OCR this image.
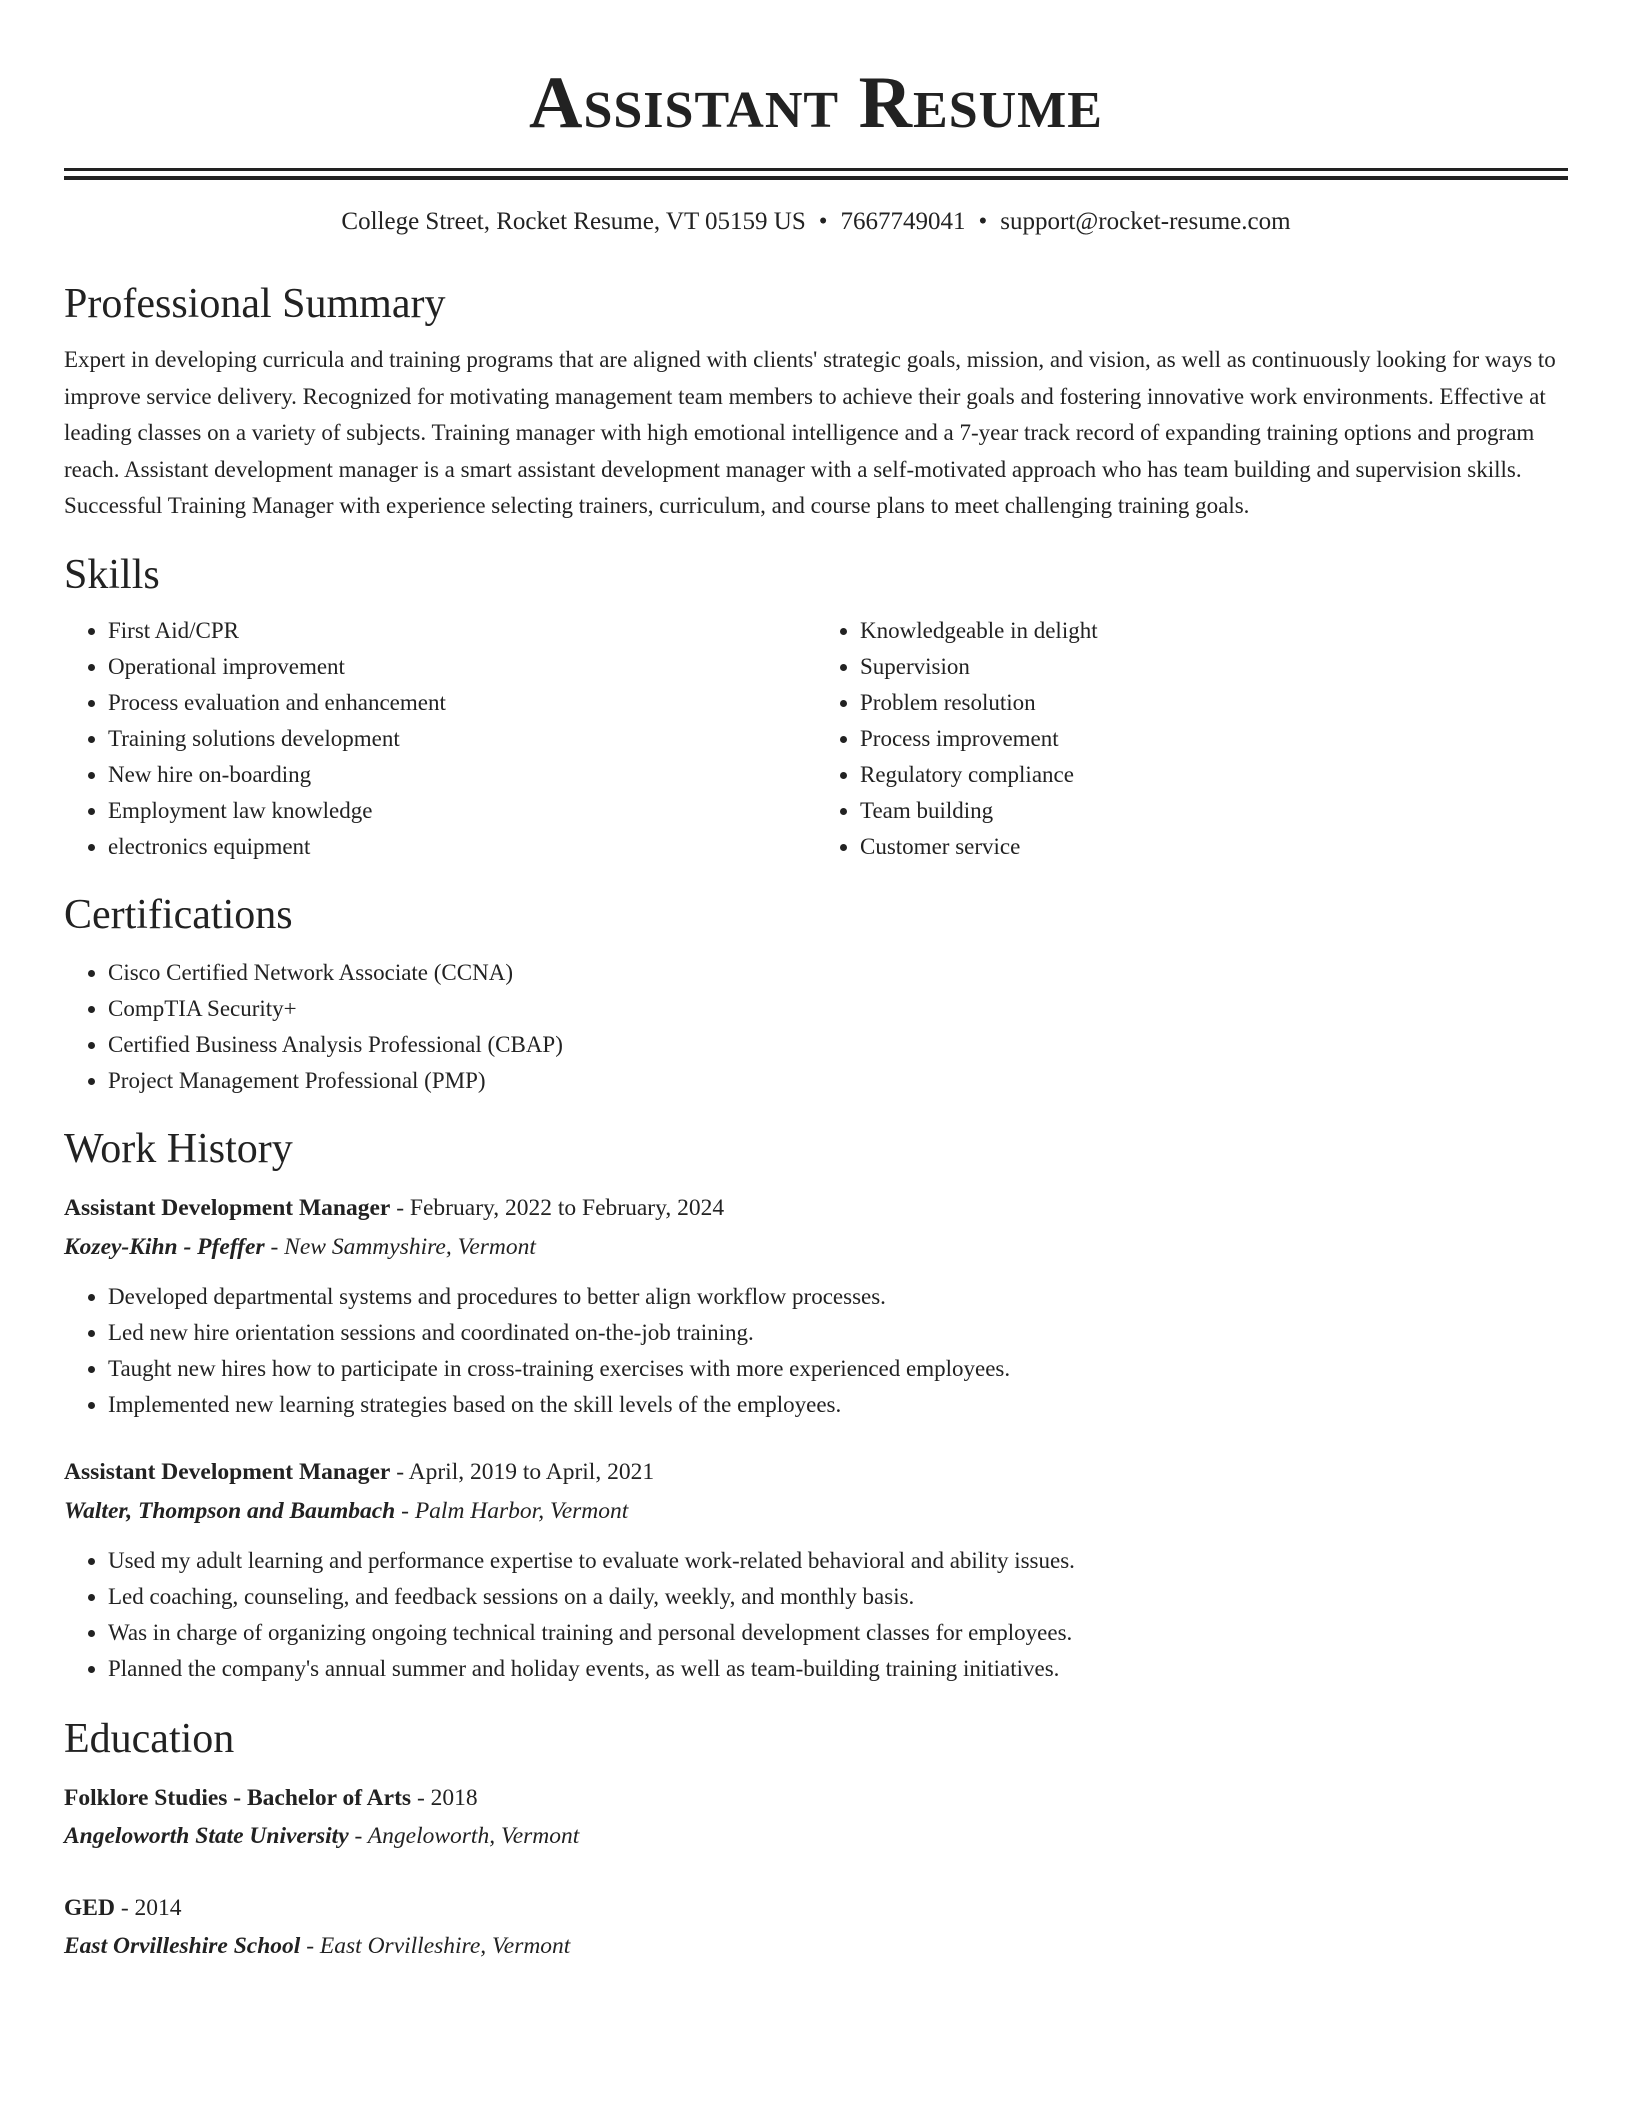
Assistant Resume
College Street, Rocket Resume, VT 05159 US • 7667749041 • support@rocket-resume.com
Professional Summary
Expert in developing curricula and training programs that are aligned with clients' strategic goals, mission, and vision, as well as continuously looking for ways to improve service delivery. Recognized for motivating management team members to achieve their goals and fostering innovative work environments. Effective at leading classes on a variety of subjects. Training manager with high emotional intelligence and a 7-year track record of expanding training options and program reach. Assistant development manager is a smart assistant development manager with a self-motivated approach who has team building and supervision skills. Successful Training Manager with experience selecting trainers, curriculum, and course plans to meet challenging training goals.
Skills
• First Aid/CPR
• Operational improvement
• Process evaluation and enhancement
• Training solutions development
• New hire on-boarding
• Employment law knowledge
• electronics equipment
• Knowledgeable in delight
• Supervision
• Problem resolution
• Process improvement
• Regulatory compliance
• Team building
• Customer service
Certifications
• Cisco Certified Network Associate (CCNA)
• CompTIA Security+
• Certified Business Analysis Professional (CBAP)
• Project Management Professional (PMP)
Work History
Assistant Development Manager - February, 2022 to February, 2024
Kozey-Kihn - Pfeffer - New Sammyshire, Vermont
• Developed departmental systems and procedures to better align workflow processes.
• Led new hire orientation sessions and coordinated on-the-job training.
• Taught new hires how to participate in cross-training exercises with more experienced employees.
• Implemented new learning strategies based on the skill levels of the employees.
Assistant Development Manager - April, 2019 to April, 2021
Walter, Thompson and Baumbach - Palm Harbor, Vermont
• Used my adult learning and performance expertise to evaluate work-related behavioral and ability issues.
• Led coaching, counseling, and feedback sessions on a daily, weekly, and monthly basis.
• Was in charge of organizing ongoing technical training and personal development classes for employees.
• Planned the company's annual summer and holiday events, as well as team-building training initiatives.
Education
Folklore Studies - Bachelor of Arts - 2018
Angeloworth State University - Angeloworth, Vermont
GED - 2014
East Orvilleshire School - East Orvilleshire, Vermont
